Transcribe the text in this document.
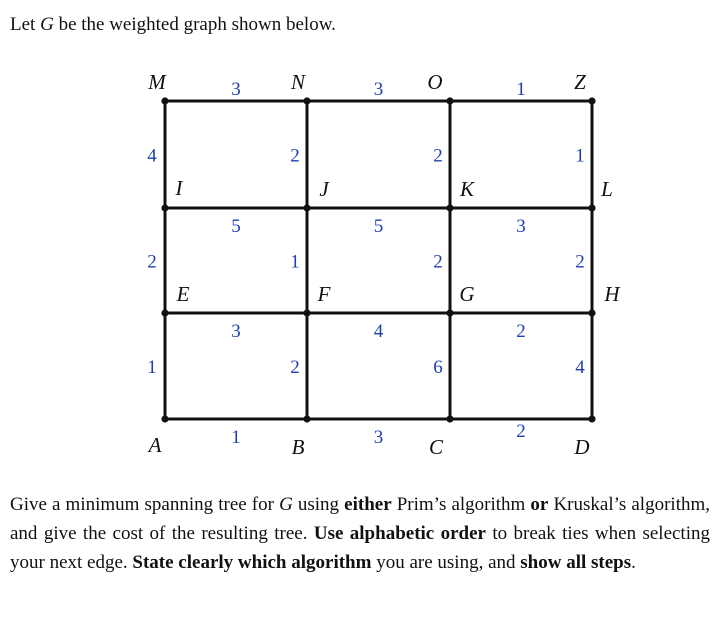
Let G be the weighted graph shown below.
3	3	1
4	2	2	1
5	5	3
2	1	2	2
3	4	2
1	2	6	4
1	3	2
M	N	O	Z
I	J	K	L
E	F	G	H
A	B	C	D
Give a minimum spanning tree for G using either Prim’s algorithm or Kruskal’s algorithm, and give the cost of the resulting tree. Use alphabetic order to break ties when selecting your next edge. State clearly which algorithm you are using, and show all steps.
